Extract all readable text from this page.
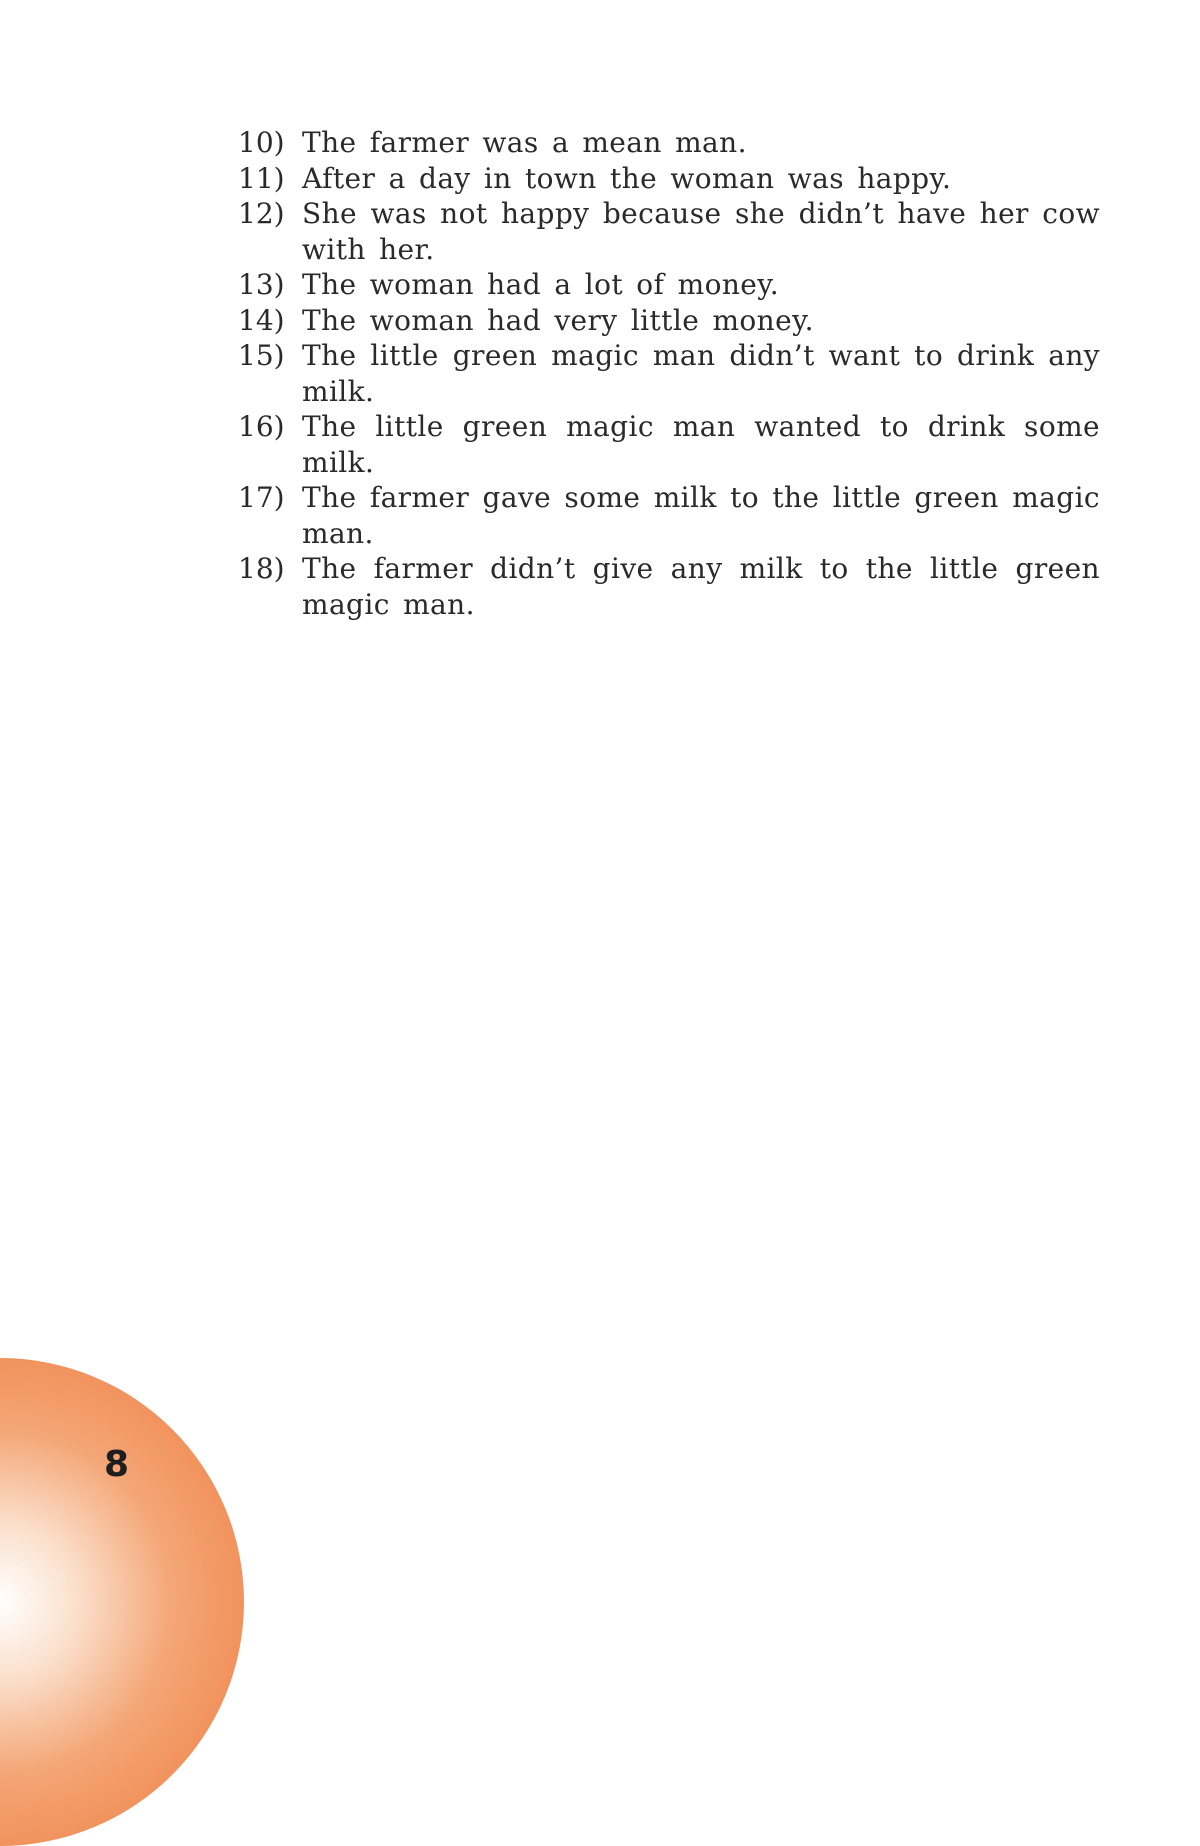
10) The farmer was a mean man.
11) After a day in town the woman was happy.
12) She was not happy because she didn’t have her cow with her.
13) The woman had a lot of money.
14) The woman had very little money.
15) The little green magic man didn’t want to drink any milk.
16) The little green magic man wanted to drink some milk.
17) The farmer gave some milk to the little green magic man.
18) The farmer didn’t give any milk to the little green magic man.
8
